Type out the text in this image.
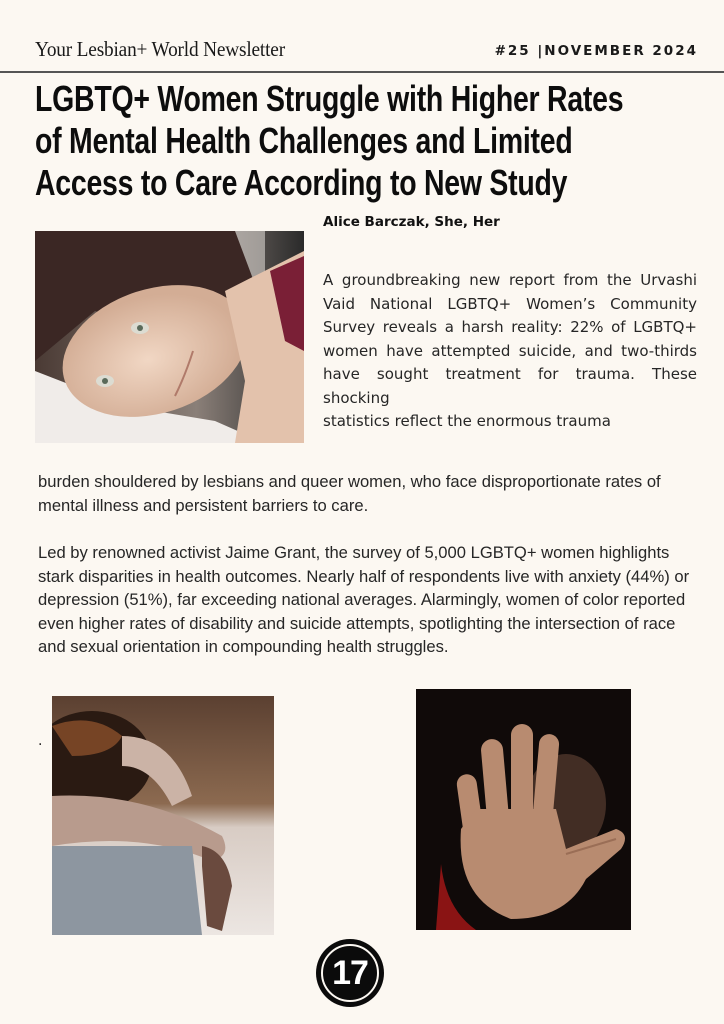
Your Lesbian+ World Newsletter	#25 |NOVEMBER 2024
LGBTQ+ Women Struggle with Higher Rates
of Mental Health Challenges and Limited
Access to Care According to New Study
Alice Barczak, She, Her
A groundbreaking new report from the Urvashi Vaid National LGBTQ+ Women’s Community Survey reveals a harsh reality: 22% of LGBTQ+ women have attempted suicide, and two-thirds have sought treatment for trauma. These shocking
statistics reflect the enormous trauma
burden shouldered by lesbians and queer women, who face disproportionate rates of mental illness and persistent barriers to care.
Led by renowned activist Jaime Grant, the survey of 5,000 LGBTQ+ women highlights stark disparities in health outcomes. Nearly half of respondents live with anxiety (44%) or depression (51%), far exceeding national averages. Alarmingly, women of color reported even higher rates of disability and suicide attempts, spotlighting the intersection of race and sexual orientation in compounding health struggles.
.
17
